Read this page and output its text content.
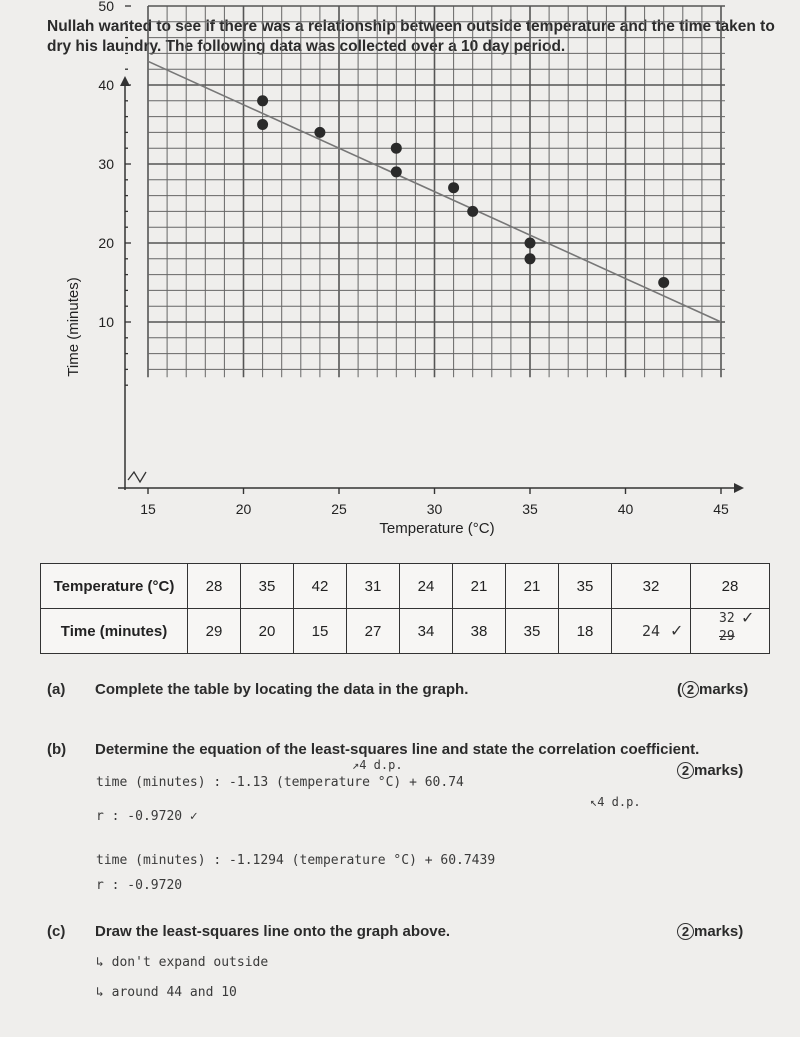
Nullah wanted to see if there was a relationship between outside temperature and the time taken to dry his laundry. The following data was collected over a 10 day period.
15	20	25	30	35	40	45
10
20
30
40
50
Temperature (°C)
Time (minutes)
Temperature (°C)	28	35	42	31	24	21	21	35	32	28
Time (minutes)	29	20	15	27	34	38	35	18	24 ✓	32 ✓
29
(a) Complete the table by locating the data in the graph.	( 2 marks)
(b) Determine the equation of the least-squares line and state the correlation coefficient.
2 marks)
↗4 d.p.
time (minutes) : -1.13 (temperature °C) + 60.74
↖4 d.p.
r : -0.9720 ✓
time (minutes) : -1.1294 (temperature °C) + 60.7439
r : -0.9720
(c) Draw the least-squares line onto the graph above.	2 marks)
↳ don't expand outside
↳ around 44 and 10
